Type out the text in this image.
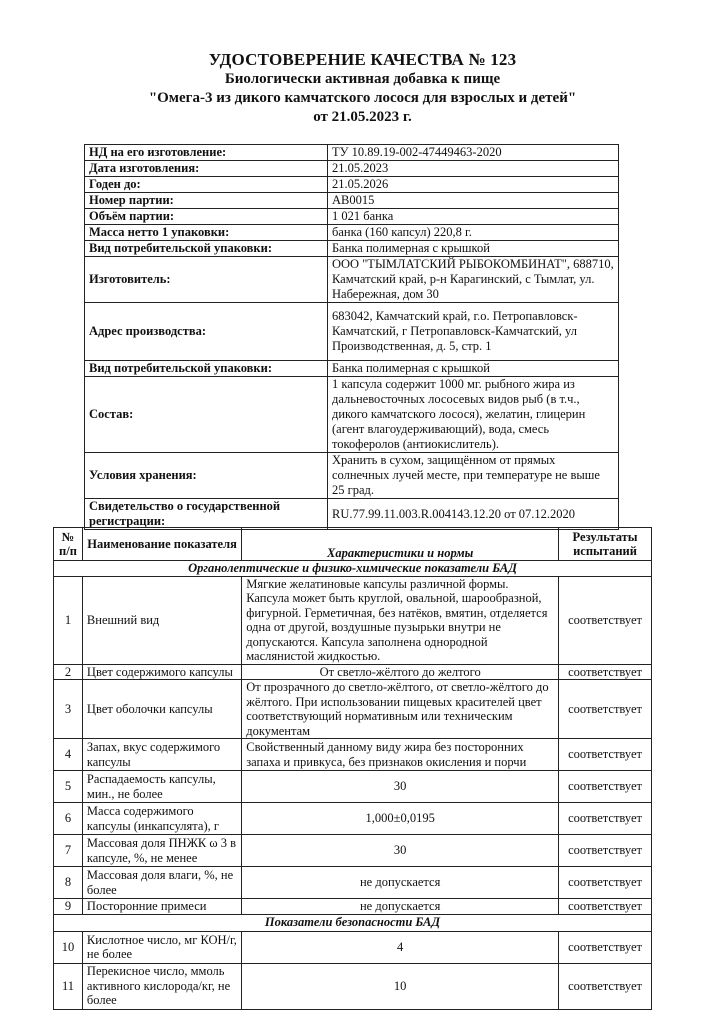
УДОСТОВЕРЕНИЕ КАЧЕСТВА № 123
Биологически активная добавка к пище
"Омега-3 из дикого камчатского лосося для взрослых и детей"
от 21.05.2023 г.
НД на его изготовление:	ТУ 10.89.19-002-47449463-2020
Дата изготовления:	21.05.2023
Годен до:	21.05.2026
Номер партии:	АВ0015
Объём партии:	1 021 банка
Масса нетто 1 упаковки:	банка (160 капсул) 220,8 г.
Вид потребительской упаковки:	Банка полимерная с крышкой
Изготовитель:	ООО "ТЫМЛАТСКИЙ РЫБОКОМБИНАТ", 688710, Камчатский край, р-н Карагинский, с Тымлат, ул. Набережная, дом 30
Адрес производства:	683042, Камчатский край, г.о. Петропавловск-Камчатский, г Петропавловск-Камчатский, ул Производственная, д. 5, стр. 1
Вид потребительской упаковки:	Банка полимерная с крышкой
Состав:	1 капсула содержит 1000 мг. рыбного жира из дальневосточных лососевых видов рыб (в т.ч., дикого камчатского лосося), желатин, глицерин (агент влагоудерживающий), вода, смесь токоферолов (антиокислитель).
Условия хранения:	Хранить в сухом, защищённом от прямых солнечных лучей месте, при температуре не выше 25 град.
Свидетельство о государственной регистрации:	RU.77.99.11.003.R.004143.12.20 от 07.12.2020
№ п/п	Наименование показателя	Характеристики и нормы	Результаты испытаний
Органолептические и физико-химические показатели БАД			
1	Внешний вид	Мягкие желатиновые капсулы различной формы. Капсула может быть круглой, овальной, шарообразной, фигурной. Герметичная, без натёков, вмятин, отделяется одна от другой, воздушные пузырьки внутри не допускаются. Капсула заполнена однородной маслянистой жидкостью.	соответствует
2	Цвет содержимого капсулы	От светло-жёлтого до желтого	соответствует
3	Цвет оболочки капсулы	От прозрачного до светло-жёлтого, от светло-жёлтого до жёлтого. При использовании пищевых красителей цвет соответствующий нормативным или техническим документам	соответствует
4	Запах, вкус содержимого капсулы	Свойственный данному виду жира без посторонних запаха и привкуса, без признаков окисления и порчи	соответствует
5	Распадаемость капсулы, мин., не более	30	соответствует
6	Масса содержимого капсулы (инкапсулята), г	1,000±0,0195	соответствует
7	Массовая доля ПНЖК ω 3 в капсуле, %, не менее	30	соответствует
8	Массовая доля влаги, %, не более	не допускается	соответствует
9	Посторонние примеси	не допускается	соответствует
Показатели безопасности БАД			
10	Кислотное число, мг КОН/г, не более	4	соответствует
11	Перекисное число, ммоль активного кислорода/кг, не более	10	соответствует
